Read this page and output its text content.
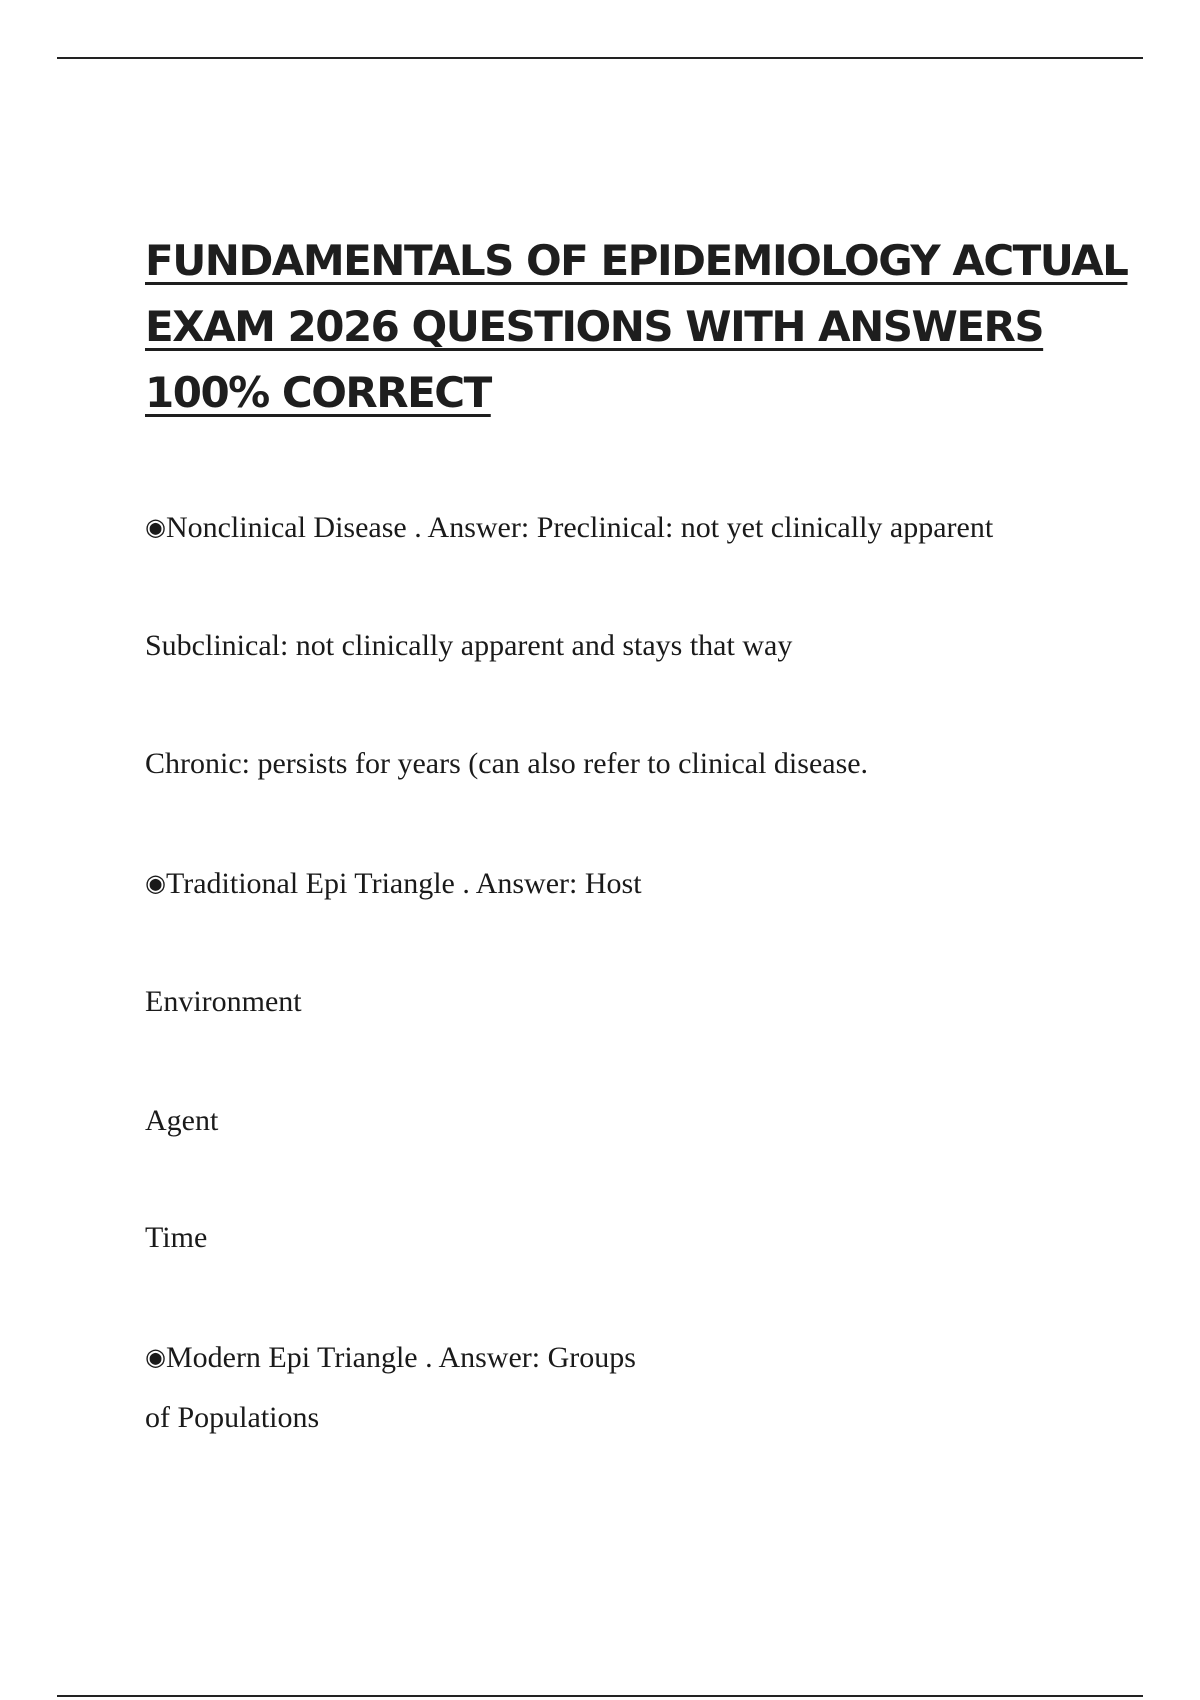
FUNDAMENTALS OF EPIDEMIOLOGY ACTUAL
EXAM 2026 QUESTIONS WITH ANSWERS
100% CORRECT

◉Nonclinical Disease . Answer: Preclinical: not yet clinically apparent

Subclinical: not clinically apparent and stays that way

Chronic: persists for years (can also refer to clinical disease.

◉Traditional Epi Triangle . Answer: Host

Environment

Agent

Time

◉Modern Epi Triangle . Answer: Groups

of Populations
